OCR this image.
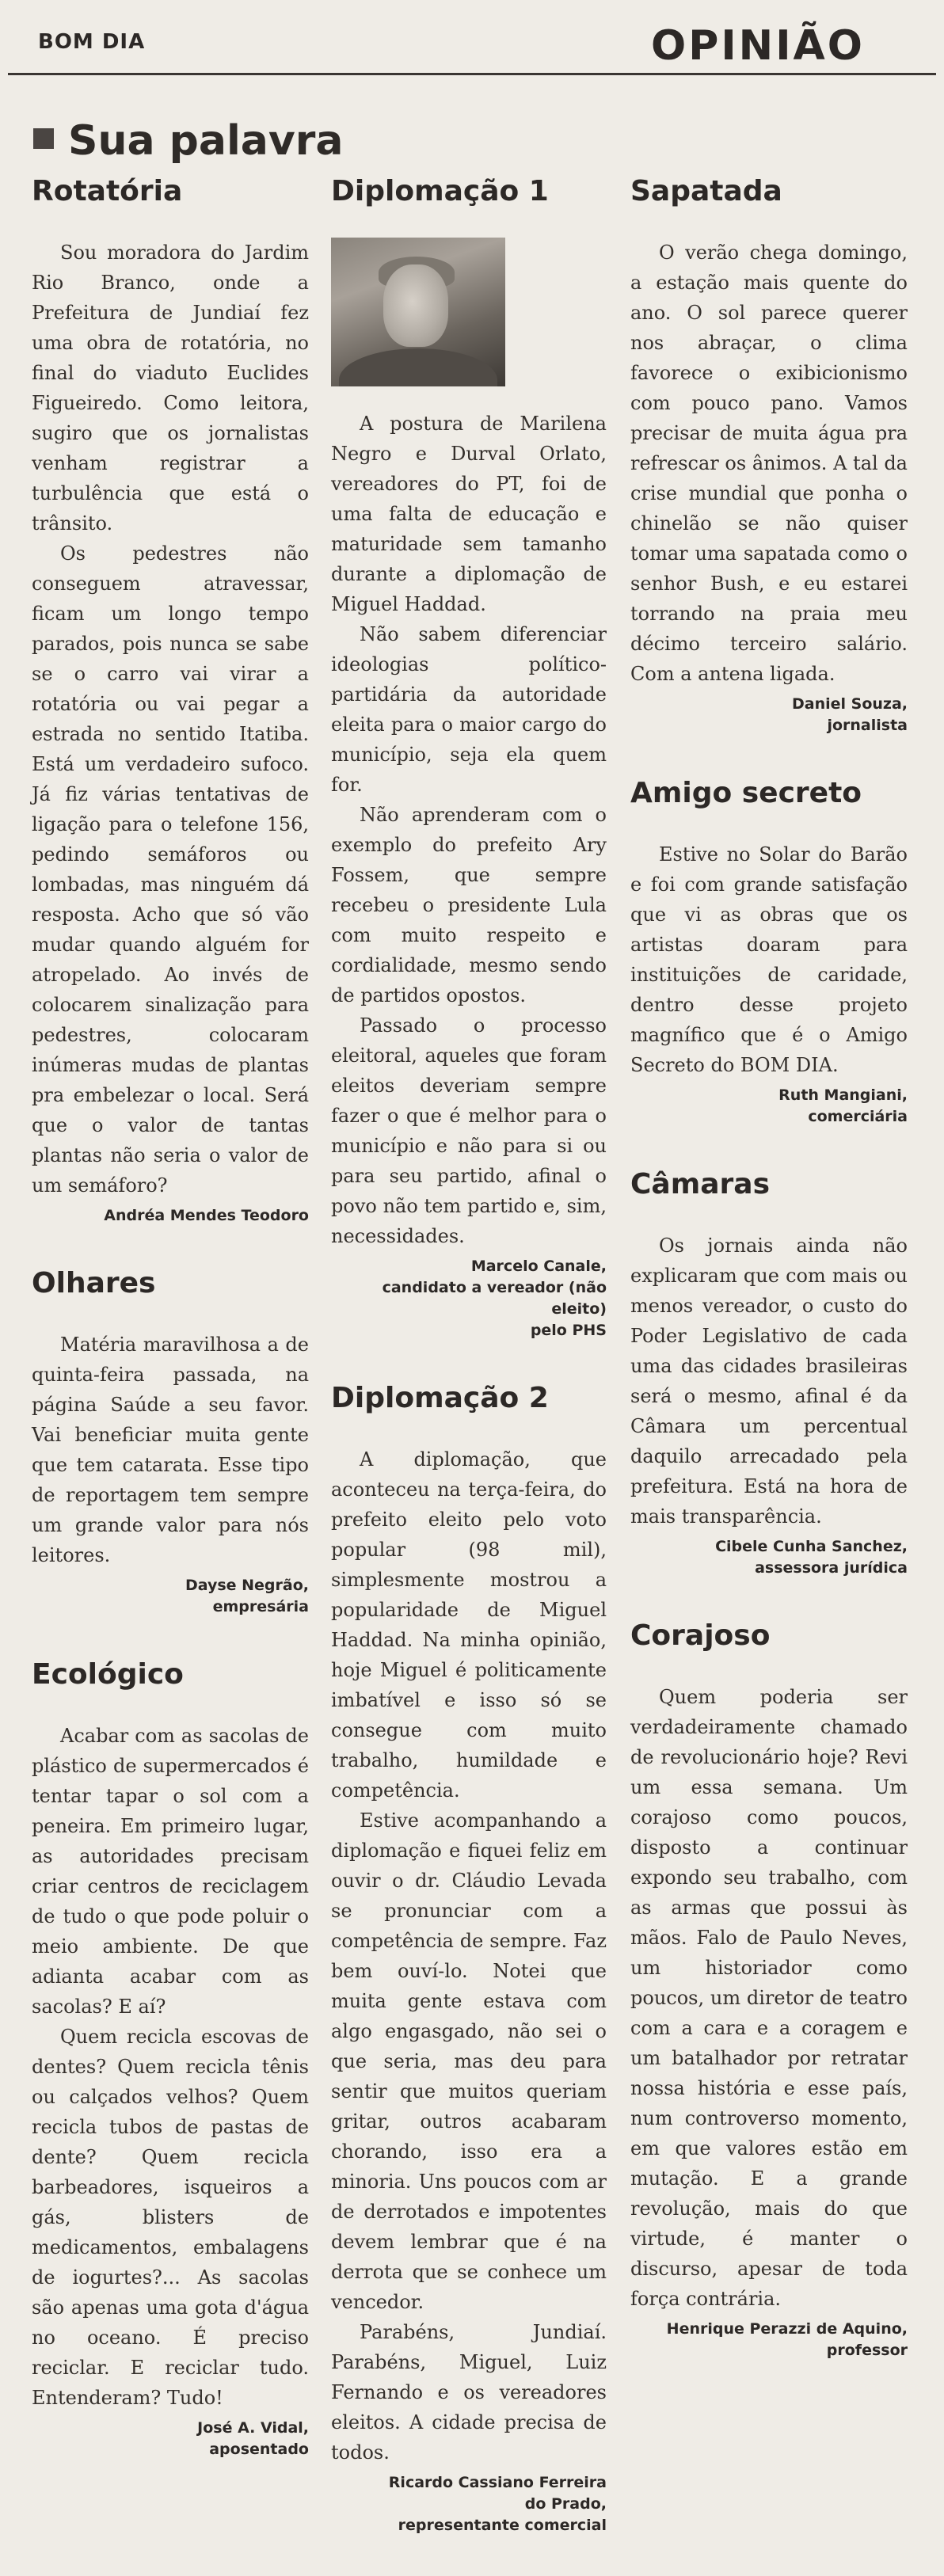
BOM DIA	OPINIÃO
Sua palavra
Rotatória

Sou moradora do Jardim Rio Branco, onde a Prefeitura de Jundiaí fez uma obra de rotatória, no final do viaduto Euclides Figueiredo. Como leitora, sugiro que os jornalistas venham registrar a turbulência que está o trânsito.

Os pedestres não conseguem atravessar, ficam um longo tempo parados, pois nunca se sabe se o carro vai virar a rotatória ou vai pegar a estrada no sentido Itatiba. Está um verdadeiro sufoco. Já fiz várias tentativas de ligação para o telefone 156, pedindo semáforos ou lombadas, mas ninguém dá resposta. Acho que só vão mudar quando alguém for atropelado. Ao invés de colocarem sinalização para pedestres, colocaram inúmeras mudas de plantas pra embelezar o local. Será que o valor de tantas plantas não seria o valor de um semáforo?

Andréa Mendes Teodoro
Olhares

Matéria maravilhosa a de quinta-feira passada, na página Saúde a seu favor. Vai beneficiar muita gente que tem catarata. Esse tipo de reportagem tem sempre um grande valor para nós leitores.

Dayse Negrão,
empresária
Ecológico

Acabar com as sacolas de plástico de supermercados é tentar tapar o sol com a peneira. Em primeiro lugar, as autoridades precisam criar centros de reciclagem de tudo o que pode poluir o meio ambiente. De que adianta acabar com as sacolas? E aí?

Quem recicla escovas de dentes? Quem recicla tênis ou calçados velhos? Quem recicla tubos de pastas de dente? Quem recicla barbeadores, isqueiros a gás, blisters de medicamentos, embalagens de iogurtes?... As sacolas são apenas uma gota d'água no oceano. É preciso reciclar. E reciclar tudo. Entenderam? Tudo!

José A. Vidal,
aposentado
Diplomação 1

A postura de Marilena Negro e Durval Orlato, vereadores do PT, foi de uma falta de educação e maturidade sem tamanho durante a diplomação de Miguel Haddad.

Não sabem diferenciar ideologias político-partidária da autoridade eleita para o maior cargo do município, seja ela quem for.

Não aprenderam com o exemplo do prefeito Ary Fossem, que sempre recebeu o presidente Lula com muito respeito e cordialidade, mesmo sendo de partidos opostos.

Passado o processo eleitoral, aqueles que foram eleitos deveriam sempre fazer o que é melhor para o município e não para si ou para seu partido, afinal o povo não tem partido e, sim, necessidades.

Marcelo Canale,
candidato a vereador (não eleito)
pelo PHS
Diplomação 2

A diplomação, que aconteceu na terça-feira, do prefeito eleito pelo voto popular (98 mil), simplesmente mostrou a popularidade de Miguel Haddad. Na minha opinião, hoje Miguel é politicamente imbatível e isso só se consegue com muito trabalho, humildade e competência.

Estive acompanhando a diplomação e fiquei feliz em ouvir o dr. Cláudio Levada se pronunciar com a competência de sempre. Faz bem ouví-lo. Notei que muita gente estava com algo engasgado, não sei o que seria, mas deu para sentir que muitos queriam gritar, outros acabaram chorando, isso era a minoria. Uns poucos com ar de derrotados e impotentes devem lembrar que é na derrota que se conhece um vencedor.

Parabéns, Jundiaí. Parabéns, Miguel, Luiz Fernando e os vereadores eleitos. A cidade precisa de todos.

Ricardo Cassiano Ferreira
do Prado,
representante comercial
Sapatada

O verão chega domingo, a estação mais quente do ano. O sol parece querer nos abraçar, o clima favorece o exibicionismo com pouco pano. Vamos precisar de muita água pra refrescar os ânimos. A tal da crise mundial que ponha o chinelão se não quiser tomar uma sapatada como o senhor Bush, e eu estarei torrando na praia meu décimo terceiro salário. Com a antena ligada.

Daniel Souza,
jornalista
Amigo secreto

Estive no Solar do Barão e foi com grande satisfação que vi as obras que os artistas doaram para instituições de caridade, dentro desse projeto magnífico que é o Amigo Secreto do BOM DIA.

Ruth Mangiani,
comerciária
Câmaras

Os jornais ainda não explicaram que com mais ou menos vereador, o custo do Poder Legislativo de cada uma das cidades brasileiras será o mesmo, afinal é da Câmara um percentual daquilo arrecadado pela prefeitura. Está na hora de mais transparência.

Cibele Cunha Sanchez,
assessora jurídica
Corajoso

Quem poderia ser verdadeiramente chamado de revolucionário hoje? Revi um essa semana. Um corajoso como poucos, disposto a continuar expondo seu trabalho, com as armas que possui às mãos. Falo de Paulo Neves, um historiador como poucos, um diretor de teatro com a cara e a coragem e um batalhador por retratar nossa história e esse país, num controverso momento, em que valores estão em mutação. E a grande revolução, mais do que virtude, é manter o discurso, apesar de toda força contrária.

Henrique Perazzi de Aquino,
professor
